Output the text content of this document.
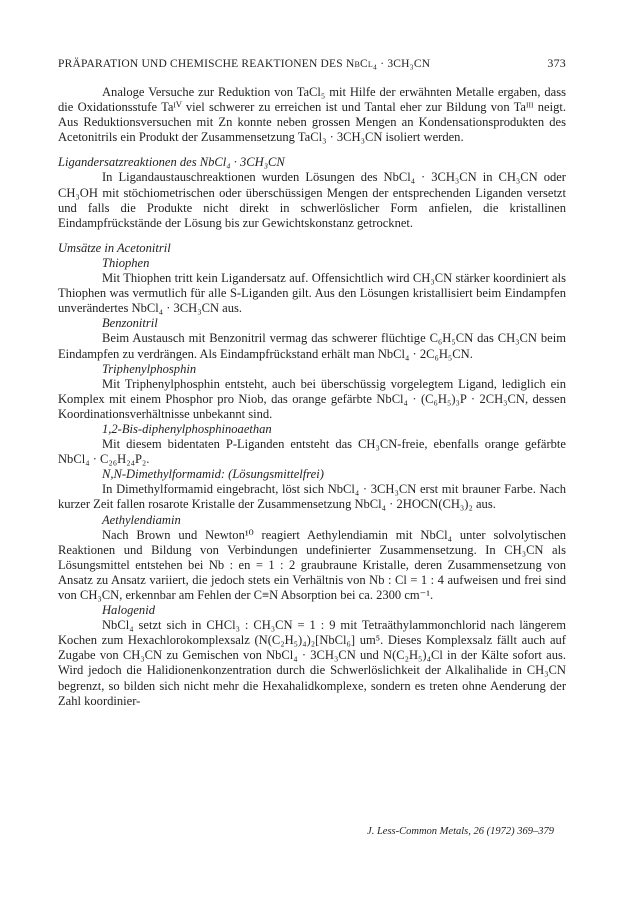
PRÄPARATION UND CHEMISCHE REAKTIONEN DES NbCl₄ · 3CH₃CN	373

Analoge Versuche zur Reduktion von TaCl₅ mit Hilfe der erwähnten Metalle ergaben, dass die Oxidationsstufe Taᴵⱽ viel schwerer zu erreichen ist und Tantal eher zur Bildung von Taᴵᴵᴵ neigt. Aus Reduktionsversuchen mit Zn konnte neben grossen Mengen an Kondensationsprodukten des Acetonitrils ein Produkt der Zusammensetzung TaCl₃ · 3CH₃CN isoliert werden.

Ligandersatzreaktionen des NbCl₄ · 3CH₃CN

In Ligandaustauschreaktionen wurden Lösungen des NbCl₄ · 3CH₃CN in CH₃CN oder CH₃OH mit stöchiometrischen oder überschüssigen Mengen der entsprechenden Liganden versetzt und falls die Produkte nicht direkt in schwerlöslicher Form anfielen, die kristallinen Eindampfrückstände der Lösung bis zur Gewichtskonstanz getrocknet.

Umsätze in Acetonitril
Thiophen

Mit Thiophen tritt kein Ligandersatz auf. Offensichtlich wird CH₃CN stärker koordiniert als Thiophen was vermutlich für alle S-Liganden gilt. Aus den Lösungen kristallisiert beim Eindampfen unverändertes NbCl₄ · 3CH₃CN aus.

Benzonitril

Beim Austausch mit Benzonitril vermag das schwerer flüchtige C₆H₅CN das CH₃CN beim Eindampfen zu verdrängen. Als Eindampfrückstand erhält man NbCl₄ · 2C₆H₅CN.

Triphenylphosphin

Mit Triphenylphosphin entsteht, auch bei überschüssig vorgelegtem Ligand, lediglich ein Komplex mit einem Phosphor pro Niob, das orange gefärbte NbCl₄ · (C₆H₅)₃P · 2CH₃CN, dessen Koordinationsverhältnisse unbekannt sind.

1,2-Bis-diphenylphosphinoaethan

Mit diesem bidentaten P-Liganden entsteht das CH₃CN-freie, ebenfalls orange gefärbte NbCl₄ · C₂₆H₂₄P₂.

N,N-Dimethylformamid: (Lösungsmittelfrei)

In Dimethylformamid eingebracht, löst sich NbCl₄ · 3CH₃CN erst mit brauner Farbe. Nach kurzer Zeit fallen rosarote Kristalle der Zusammensetzung NbCl₄ · 2HOCN(CH₃)₂ aus.

Aethylendiamin

Nach Brown und Newton¹⁰ reagiert Aethylendiamin mit NbCl₄ unter solvolytischen Reaktionen und Bildung von Verbindungen undefinierter Zusammensetzung. In CH₃CN als Lösungsmittel entstehen bei Nb : en = 1 : 2 graubraune Kristalle, deren Zusammensetzung von Ansatz zu Ansatz variiert, die jedoch stets ein Verhältnis von Nb : Cl = 1 : 4 aufweisen und frei sind von CH₃CN, erkennbar am Fehlen der C≡N Absorption bei ca. 2300 cm⁻¹.

Halogenid

NbCl₄ setzt sich in CHCl₃ : CH₃CN = 1 : 9 mit Tetraäthylammonchlorid nach längerem Kochen zum Hexachlorokomplexsalz (N(C₂H₅)₄)₂[NbCl₆] um⁵. Dieses Komplexsalz fällt auch auf Zugabe von CH₃CN zu Gemischen von NbCl₄ · 3CH₃CN und N(C₂H₅)₄Cl in der Kälte sofort aus. Wird jedoch die Halidionenkonzentration durch die Schwerlöslichkeit der Alkalihalide in CH₃CN begrenzt, so bilden sich nicht mehr die Hexahalidkomplexe, sondern es treten ohne Aenderung der Zahl koordinier-

J. Less-Common Metals, 26 (1972) 369–379
